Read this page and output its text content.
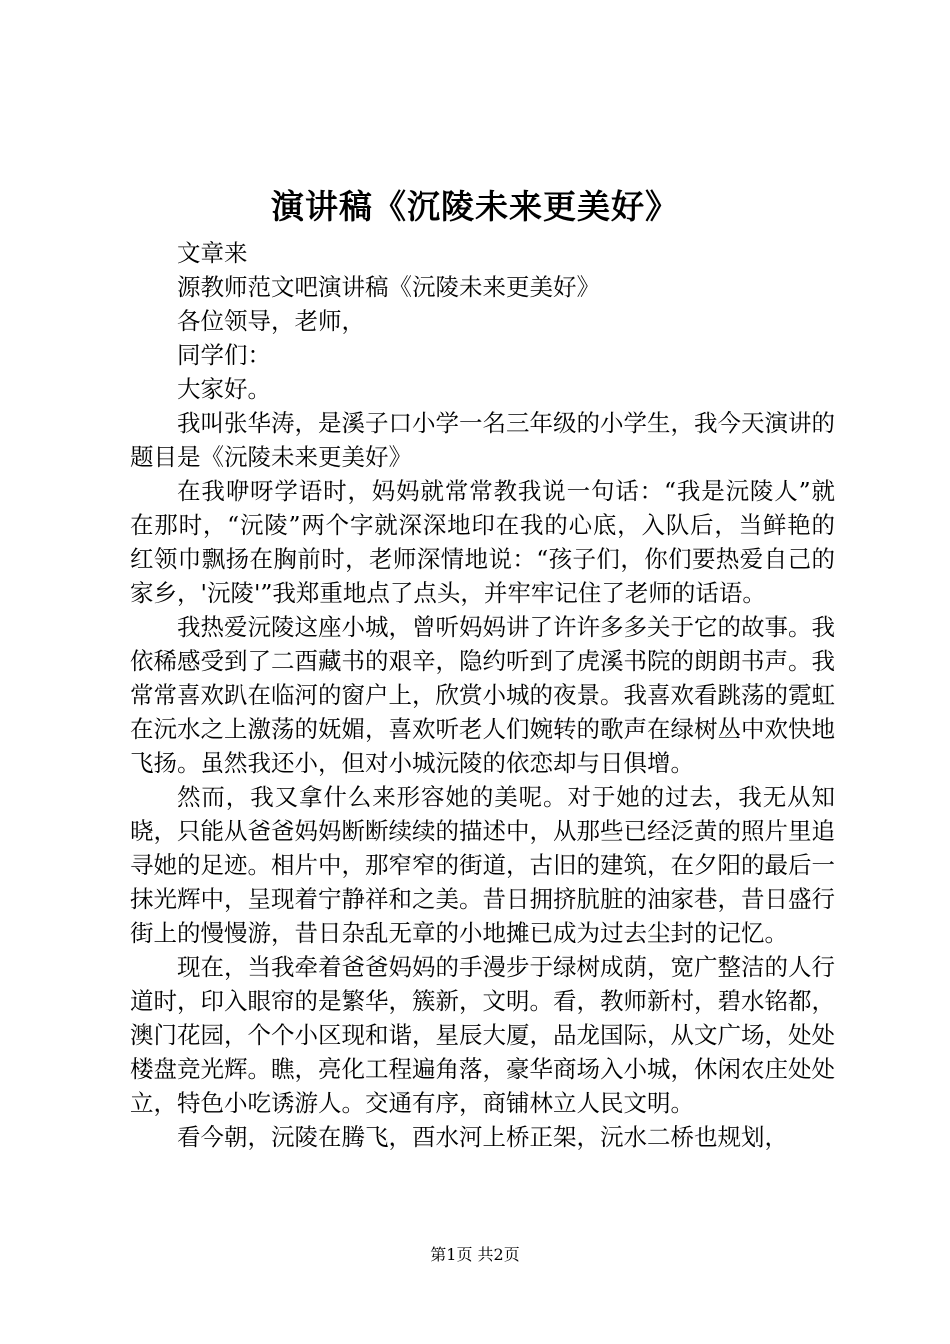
演讲稿《沉陵未来更美好》

文章来

源教师范文吧演讲稿《沅陵未来更美好》

各位领导，老师，

同学们：

大家好。

我叫张华涛，是溪子口小学一名三年级的小学生，我今天演讲的题目是《沅陵未来更美好》

在我咿呀学语时，妈妈就常常教我说一句话：“我是沅陵人”就在那时，“沅陵”两个字就深深地印在我的心底，入队后，当鲜艳的红领巾飘扬在胸前时，老师深情地说：“孩子们，你们要热爱自己的家乡，'沅陵'”我郑重地点了点头，并牢牢记住了老师的话语。

我热爱沅陵这座小城，曾听妈妈讲了许许多多关于它的故事。我依稀感受到了二酉藏书的艰辛，隐约听到了虎溪书院的朗朗书声。我常常喜欢趴在临河的窗户上，欣赏小城的夜景。我喜欢看跳荡的霓虹在沅水之上激荡的妩媚，喜欢听老人们婉转的歌声在绿树丛中欢快地飞扬。虽然我还小，但对小城沅陵的依恋却与日俱增。

然而，我又拿什么来形容她的美呢。对于她的过去，我无从知晓，只能从爸爸妈妈断断续续的描述中，从那些已经泛黄的照片里追寻她的足迹。相片中，那窄窄的街道，古旧的建筑，在夕阳的最后一抹光辉中，呈现着宁静祥和之美。昔日拥挤肮脏的油家巷，昔日盛行街上的慢慢游，昔日杂乱无章的小地摊已成为过去尘封的记忆。

现在，当我牵着爸爸妈妈的手漫步于绿树成荫，宽广整洁的人行道时，印入眼帘的是繁华，簇新，文明。看，教师新村，碧水铭都，澳门花园，个个小区现和谐，星辰大厦，品龙国际，从文广场，处处楼盘竞光辉。瞧，亮化工程遍角落，豪华商场入小城，休闲农庄处处立，特色小吃诱游人。交通有序，商铺林立人民文明。

看今朝，沅陵在腾飞，酉水河上桥正架，沅水二桥也规划，

第1页 共2页
